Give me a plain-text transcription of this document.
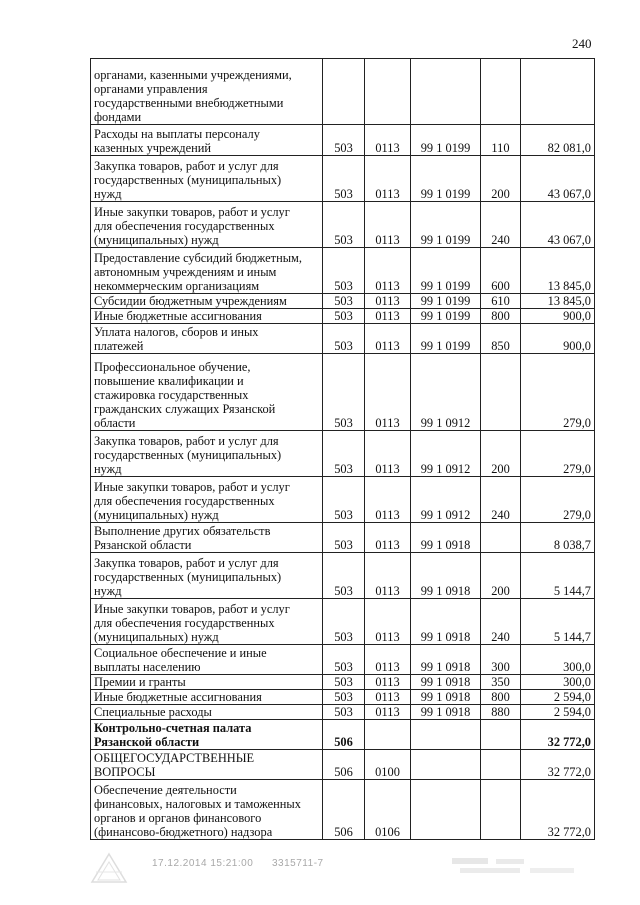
240
органами, казенными учреждениями,
органами управления
государственными внебюджетными
фондами					
Расходы на выплаты персоналу
казенных учреждений	503	0113	99 1 0199	110	82 081,0
Закупка товаров, работ и услуг для
государственных (муниципальных)
нужд	503	0113	99 1 0199	200	43 067,0
Иные закупки товаров, работ и услуг
для обеспечения государственных
(муниципальных) нужд	503	0113	99 1 0199	240	43 067,0
Предоставление субсидий бюджетным,
автономным учреждениям и иным
некоммерческим организациям	503	0113	99 1 0199	600	13 845,0
Субсидии бюджетным учреждениям	503	0113	99 1 0199	610	13 845,0
Иные бюджетные ассигнования	503	0113	99 1 0199	800	900,0
Уплата налогов, сборов и иных
платежей	503	0113	99 1 0199	850	900,0
Профессиональное обучение,
повышение квалификации и
стажировка государственных
гражданских служащих Рязанской
области	503	0113	99 1 0912		279,0
Закупка товаров, работ и услуг для
государственных (муниципальных)
нужд	503	0113	99 1 0912	200	279,0
Иные закупки товаров, работ и услуг
для обеспечения государственных
(муниципальных) нужд	503	0113	99 1 0912	240	279,0
Выполнение других обязательств
Рязанской области	503	0113	99 1 0918		8 038,7
Закупка товаров, работ и услуг для
государственных (муниципальных)
нужд	503	0113	99 1 0918	200	5 144,7
Иные закупки товаров, работ и услуг
для обеспечения государственных
(муниципальных) нужд	503	0113	99 1 0918	240	5 144,7
Социальное обеспечение и иные
выплаты населению	503	0113	99 1 0918	300	300,0
Премии и гранты	503	0113	99 1 0918	350	300,0
Иные бюджетные ассигнования	503	0113	99 1 0918	800	2 594,0
Специальные расходы	503	0113	99 1 0918	880	2 594,0
Контрольно-счетная палата
Рязанской области	506				32 772,0
ОБЩЕГОСУДАРСТВЕННЫЕ
ВОПРОСЫ	506	0100			32 772,0
Обеспечение деятельности
финансовых, налоговых и таможенных
органов и органов финансового
(финансово-бюджетного) надзора	506	0106			32 772,0
17.12.2014 15:21:00 3315711-7
